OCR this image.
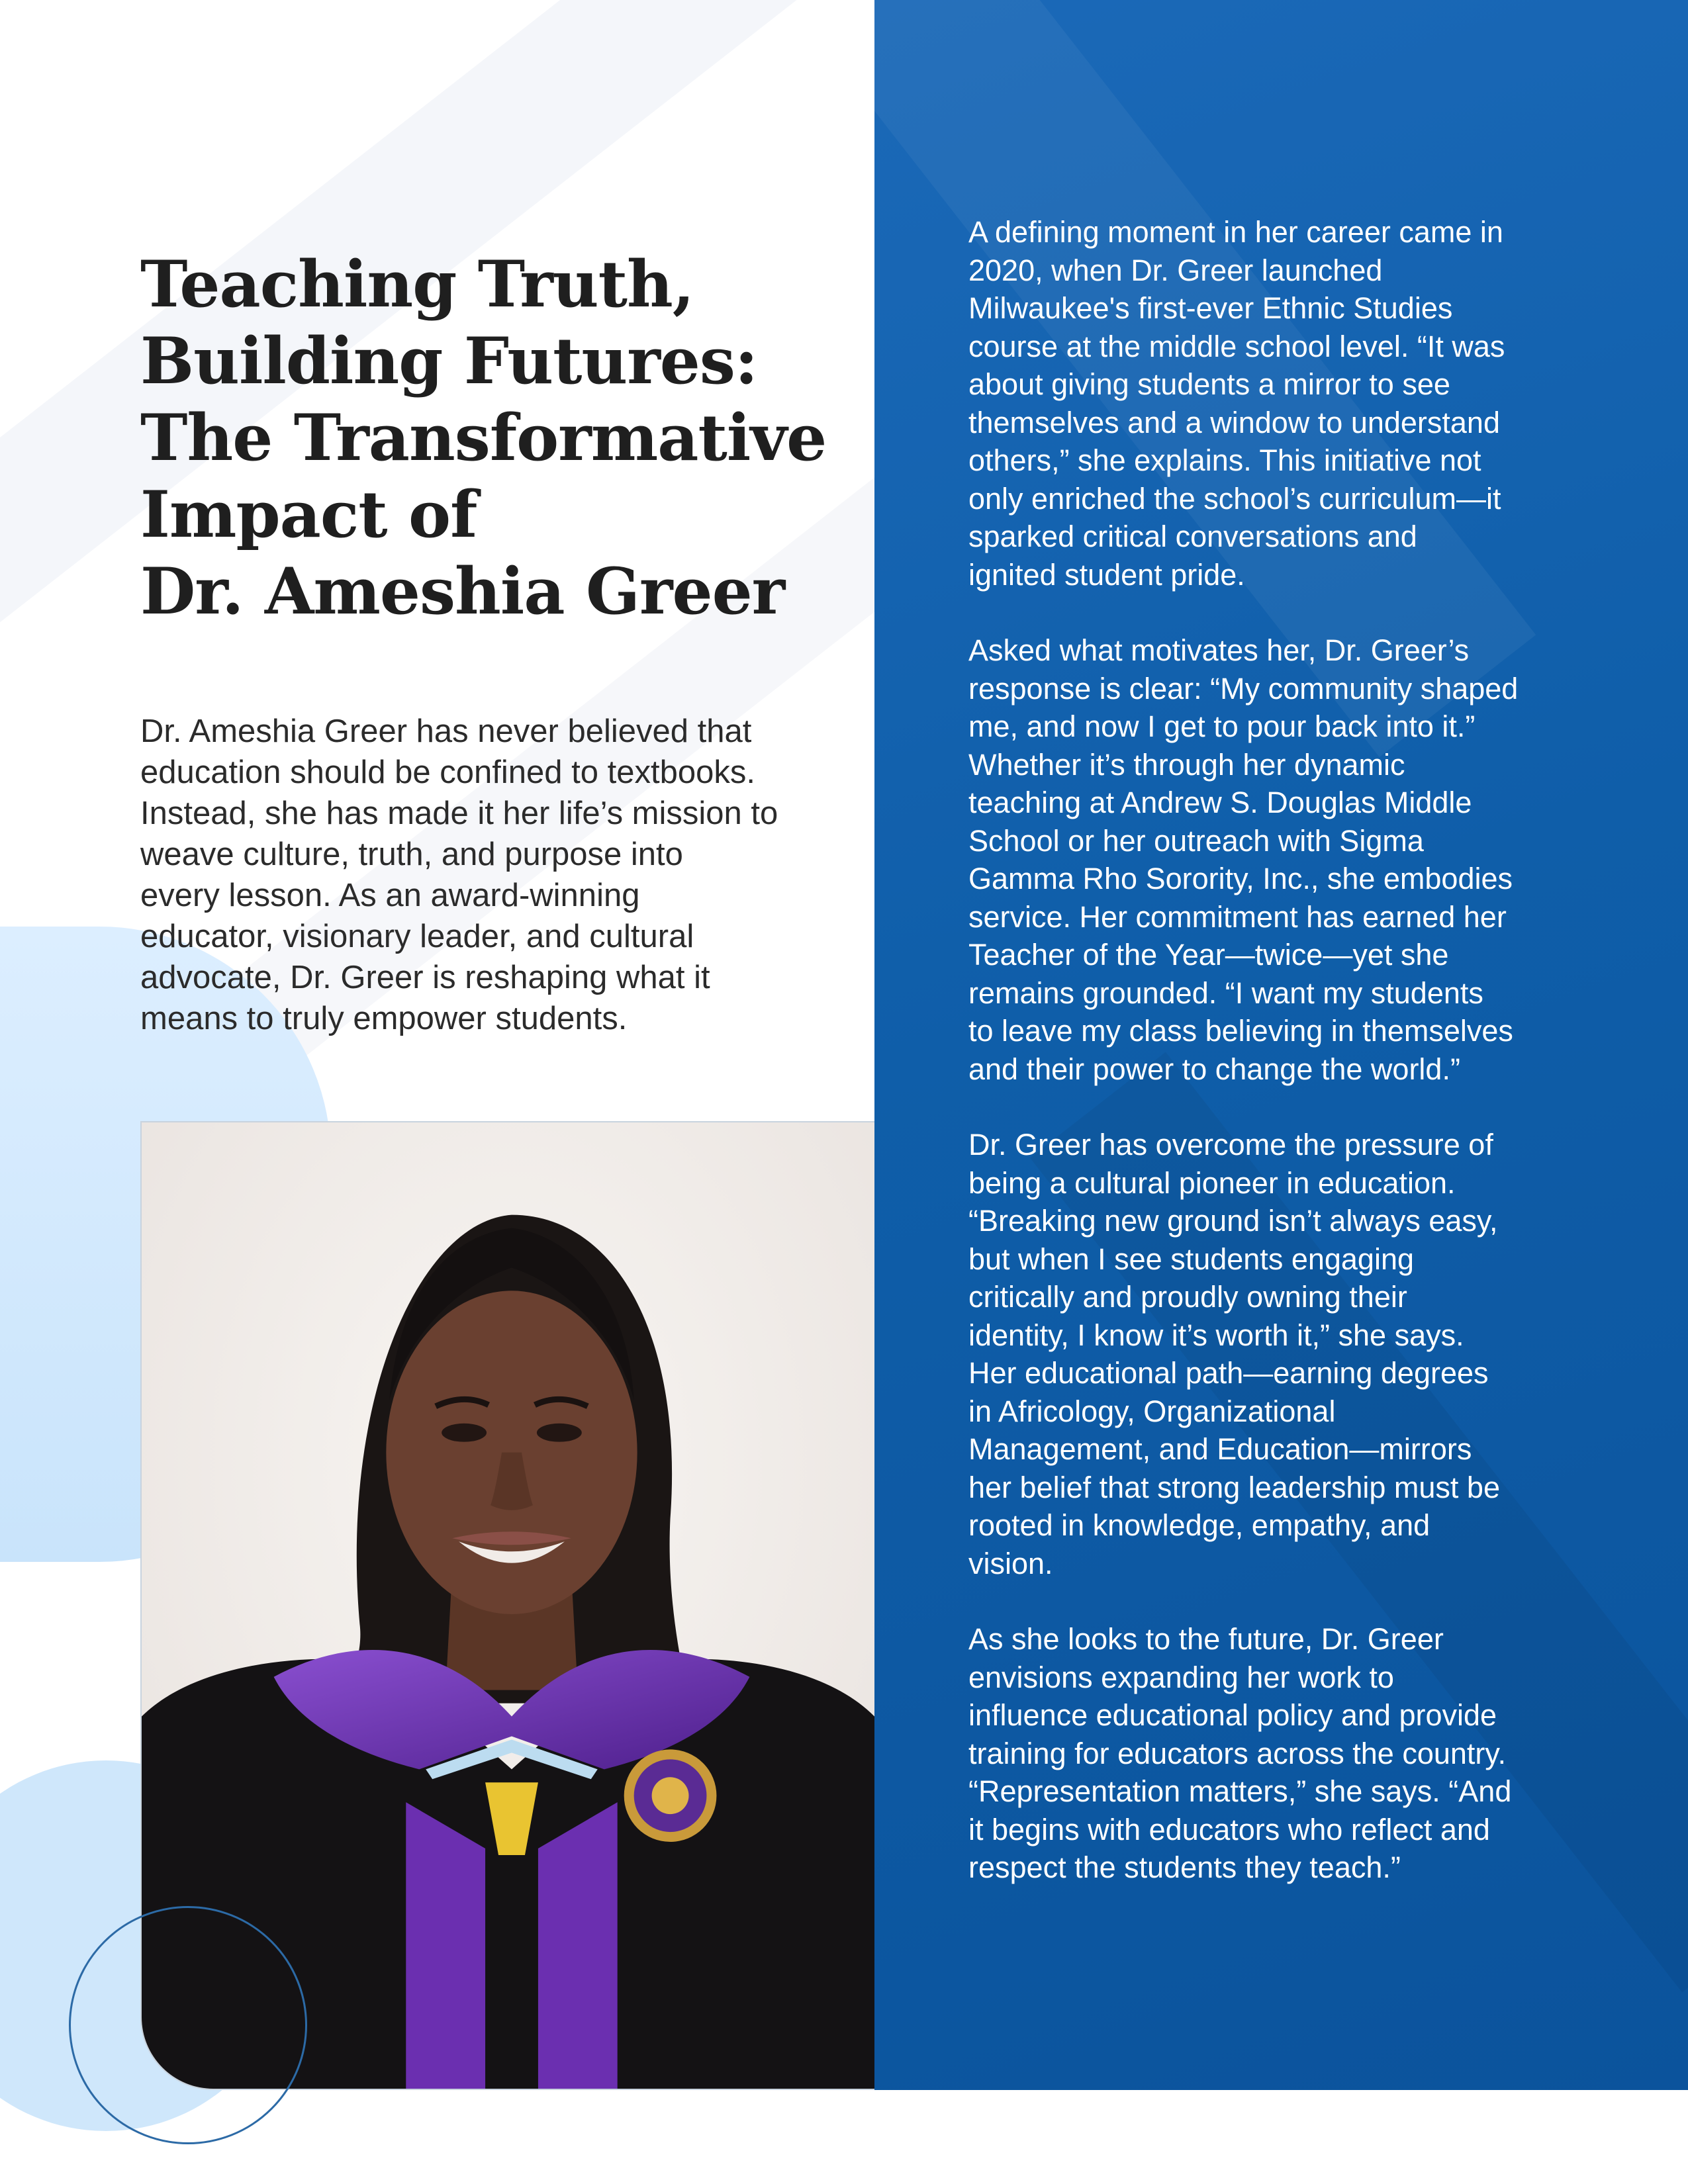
Teaching Truth,
Building Futures:
The Transformative
Impact of
Dr. Ameshia Greer

Dr. Ameshia Greer has never believed that
education should be confined to textbooks.
Instead, she has made it her life’s mission to
weave culture, truth, and purpose into
every lesson. As an award-winning
educator, visionary leader, and cultural
advocate, Dr. Greer is reshaping what it
means to truly empower students.

A defining moment in her career came in
2020, when Dr. Greer launched
Milwaukee's first-ever Ethnic Studies
course at the middle school level. “It was
about giving students a mirror to see
themselves and a window to understand
others,” she explains. This initiative not
only enriched the school’s curriculum—it
sparked critical conversations and
ignited student pride.

Asked what motivates her, Dr. Greer’s
response is clear: “My community shaped
me, and now I get to pour back into it.”
Whether it’s through her dynamic
teaching at Andrew S. Douglas Middle
School or her outreach with Sigma
Gamma Rho Sorority, Inc., she embodies
service. Her commitment has earned her
Teacher of the Year—twice—yet she
remains grounded. “I want my students
to leave my class believing in themselves
and their power to change the world.”

Dr. Greer has overcome the pressure of
being a cultural pioneer in education.
“Breaking new ground isn’t always easy,
but when I see students engaging
critically and proudly owning their
identity, I know it’s worth it,” she says.
Her educational path—earning degrees
in Africology, Organizational
Management, and Education—mirrors
her belief that strong leadership must be
rooted in knowledge, empathy, and
vision.

As she looks to the future, Dr. Greer
envisions expanding her work to
influence educational policy and provide
training for educators across the country.
“Representation matters,” she says. “And
it begins with educators who reflect and
respect the students they teach.”
